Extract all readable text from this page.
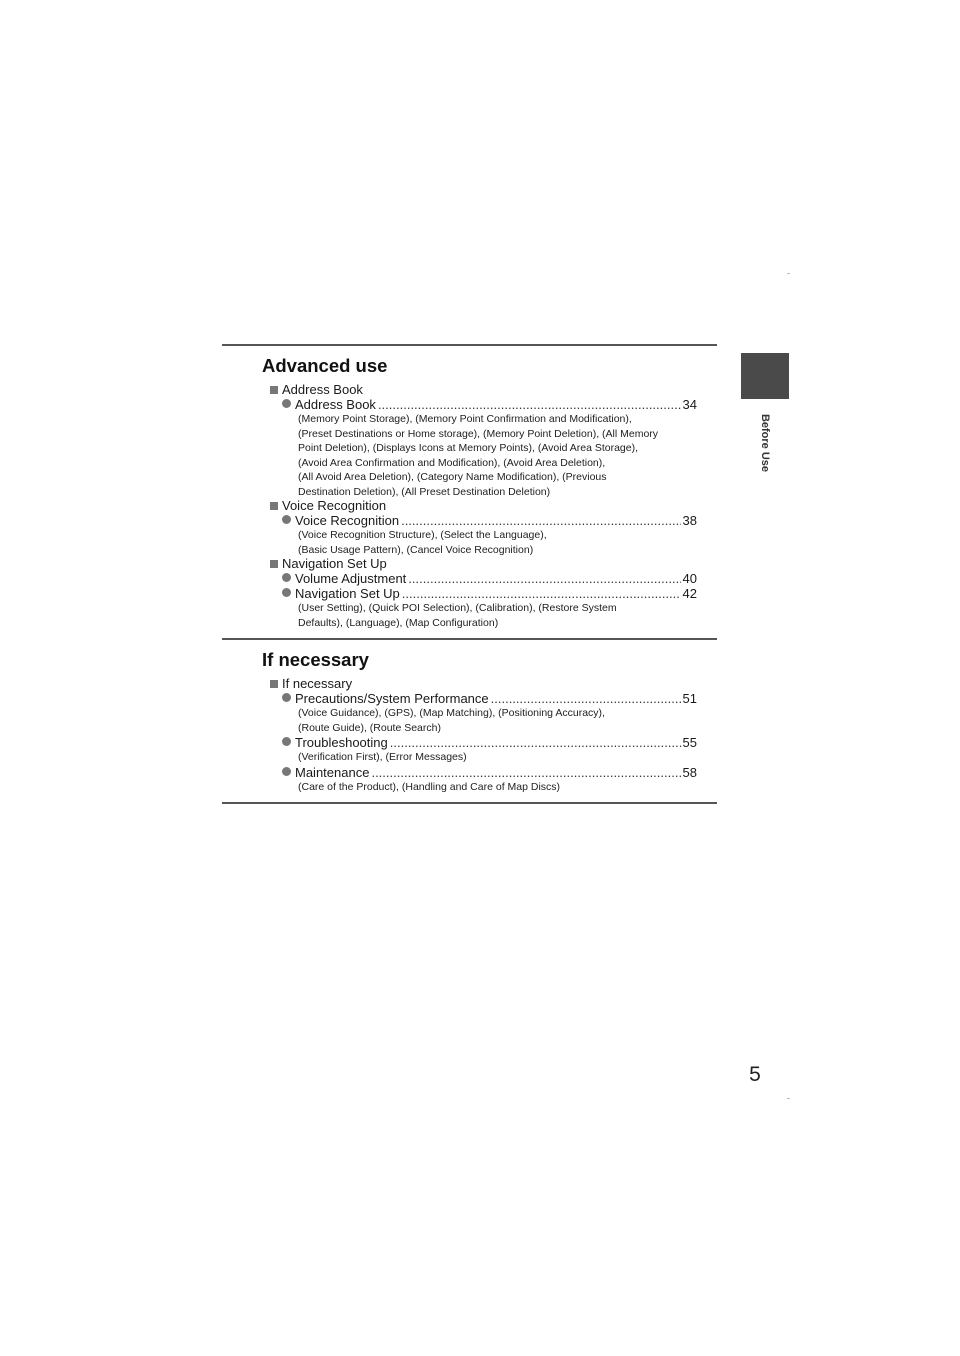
Before Use
Advanced use
Address Book
Address Book .....	34
(Memory Point Storage), (Memory Point Confirmation and Modification),
(Preset Destinations or Home storage), (Memory Point Deletion), (All Memory
Point Deletion), (Displays Icons at Memory Points), (Avoid Area Storage),
(Avoid Area Confirmation and Modification), (Avoid Area Deletion),
(All Avoid Area Deletion), (Category Name Modification), (Previous
Destination Deletion), (All Preset Destination Deletion)
Voice Recognition
Voice Recognition .....	38
(Voice Recognition Structure), (Select the Language),
(Basic Usage Pattern), (Cancel Voice Recognition)
Navigation Set Up
Volume Adjustment .....	40
Navigation Set Up .....	42
(User Setting), (Quick POI Selection), (Calibration), (Restore System
Defaults), (Language), (Map Configuration)
If necessary
If necessary
Precautions/System Performance .....	51
(Voice Guidance), (GPS), (Map Matching), (Positioning Accuracy),
(Route Guide), (Route Search)
Troubleshooting .....	55
(Verification First), (Error Messages)
Maintenance .....	58
(Care of the Product), (Handling and Care of Map Discs)
5
